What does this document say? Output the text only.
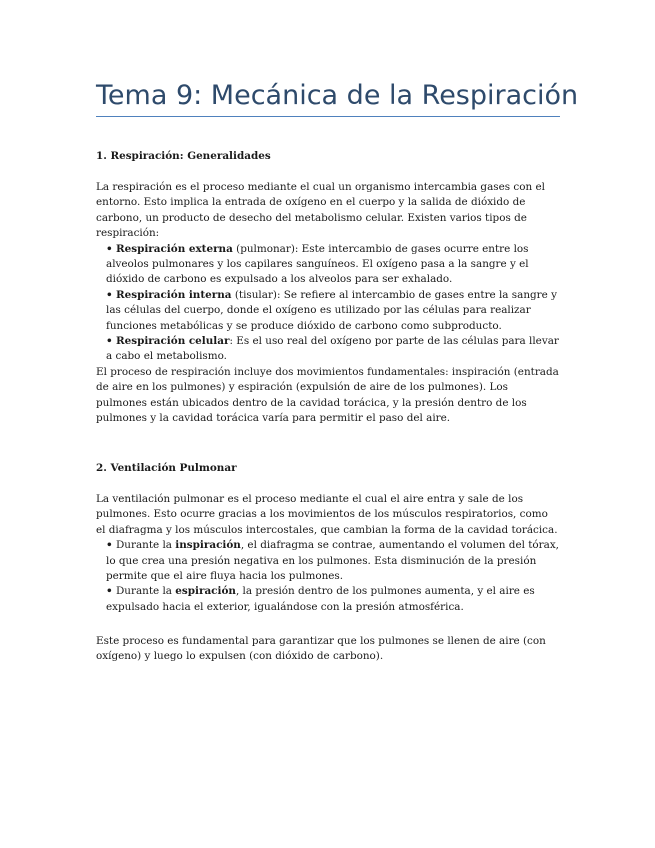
Tema 9: Mecánica de la Respiración
1. Respiración: Generalidades

La respiración es el proceso mediante el cual un organismo intercambia gases con el entorno. Esto implica la entrada de oxígeno en el cuerpo y la salida de dióxido de carbono, un producto de desecho del metabolismo celular. Existen varios tipos de respiración:

• Respiración externa (pulmonar): Este intercambio de gases ocurre entre los alveolos pulmonares y los capilares sanguíneos. El oxígeno pasa a la sangre y el dióxido de carbono es expulsado a los alveolos para ser exhalado.

• Respiración interna (tisular): Se refiere al intercambio de gases entre la sangre y las células del cuerpo, donde el oxígeno es utilizado por las células para realizar funciones metabólicas y se produce dióxido de carbono como subproducto.

• Respiración celular: Es el uso real del oxígeno por parte de las células para llevar a cabo el metabolismo.

El proceso de respiración incluye dos movimientos fundamentales: inspiración (entrada de aire en los pulmones) y espiración (expulsión de aire de los pulmones). Los pulmones están ubicados dentro de la cavidad torácica, y la presión dentro de los pulmones y la cavidad torácica varía para permitir el paso del aire.
2. Ventilación Pulmonar

La ventilación pulmonar es el proceso mediante el cual el aire entra y sale de los pulmones. Esto ocurre gracias a los movimientos de los músculos respiratorios, como el diafragma y los músculos intercostales, que cambian la forma de la cavidad torácica.

• Durante la inspiración, el diafragma se contrae, aumentando el volumen del tórax, lo que crea una presión negativa en los pulmones. Esta disminución de la presión permite que el aire fluya hacia los pulmones.

• Durante la espiración, la presión dentro de los pulmones aumenta, y el aire es expulsado hacia el exterior, igualándose con la presión atmosférica.

Este proceso es fundamental para garantizar que los pulmones se llenen de aire (con oxígeno) y luego lo expulsen (con dióxido de carbono).
